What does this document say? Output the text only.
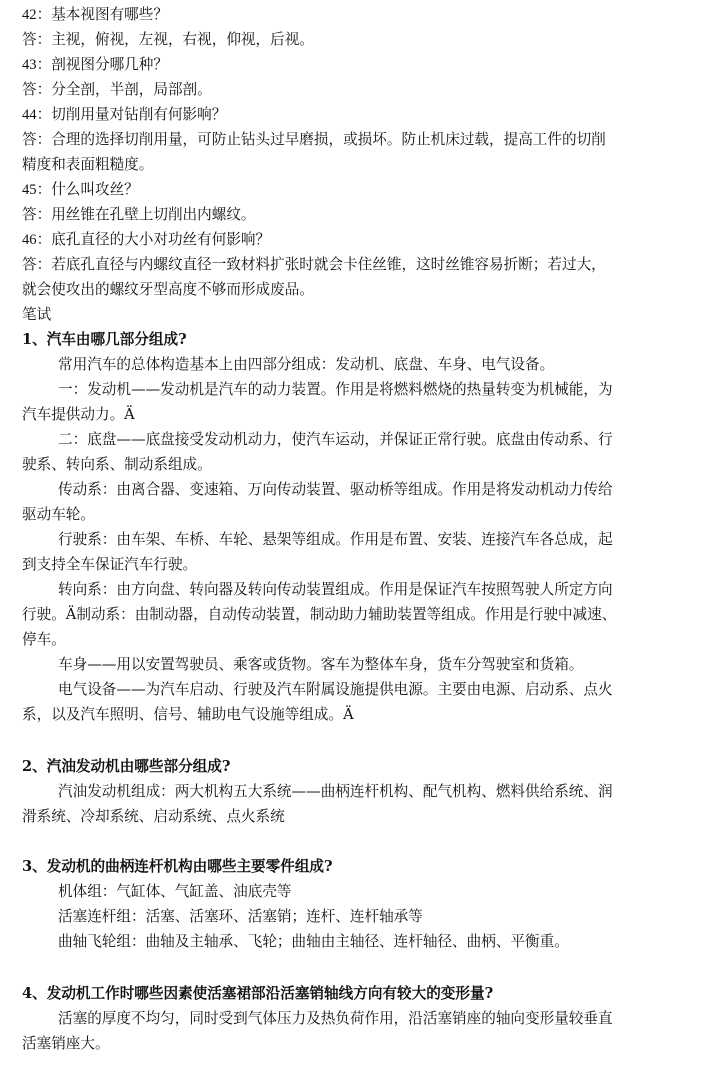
42：基本视图有哪些？
答：主视，俯视，左视，右视，仰视，后视。
43：剖视图分哪几种？
答：分全剖，半剖，局部剖。
44：切削用量对钻削有何影响？
答：合理的选择切削用量，可防止钻头过早磨损，或损坏。防止机床过载，提高工件的切削
精度和表面粗糙度。
45：什么叫攻丝？
答：用丝锥在孔壁上切削出内螺纹。
46：底孔直径的大小对功丝有何影响？
答：若底孔直径与内螺纹直径一致材料扩张时就会卡住丝锥，这时丝锥容易折断；若过大，
就会使攻出的螺纹牙型高度不够而形成废品。
笔试
1、汽车由哪几部分组成?
常用汽车的总体构造基本上由四部分组成：发动机、底盘、车身、电气设备。
一：发动机——发动机是汽车的动力装置。作用是将燃料燃烧的热量转变为机械能，为
汽车提供动力。Ä
二：底盘——底盘接受发动机动力，使汽车运动，并保证正常行驶。底盘由传动系、行
驶系、转向系、制动系组成。
传动系：由离合器、变速箱、万向传动装置、驱动桥等组成。作用是将发动机动力传给
驱动车轮。
行驶系：由车架、车桥、车轮、悬架等组成。作用是布置、安装、连接汽车各总成，起
到支持全车保证汽车行驶。
转向系：由方向盘、转向器及转向传动装置组成。作用是保证汽车按照驾驶人所定方向
行驶。Ä制动系：由制动器，自动传动装置，制动助力辅助装置等组成。作用是行驶中减速、
停车。
车身——用以安置驾驶员、乘客或货物。客车为整体车身，货车分驾驶室和货箱。
电气设备——为汽车启动、行驶及汽车附属设施提供电源。主要由电源、启动系、点火
系，以及汽车照明、信号、辅助电气设施等组成。Ä
2、汽油发动机由哪些部分组成?
汽油发动机组成：两大机构五大系统——曲柄连杆机构、配气机构、燃料供给系统、润
滑系统、冷却系统、启动系统、点火系统
3、发动机的曲柄连杆机构由哪些主要零件组成?
机体组：气缸体、气缸盖、油底壳等
活塞连杆组：活塞、活塞环、活塞销；连杆、连杆轴承等
曲轴飞轮组：曲轴及主轴承、飞轮；曲轴由主轴径、连杆轴径、曲柄、平衡重。
4、发动机工作时哪些因素使活塞裙部沿活塞销轴线方向有较大的变形量?
活塞的厚度不均匀，同时受到气体压力及热负荷作用，沿活塞销座的轴向变形量较垂直
活塞销座大。
